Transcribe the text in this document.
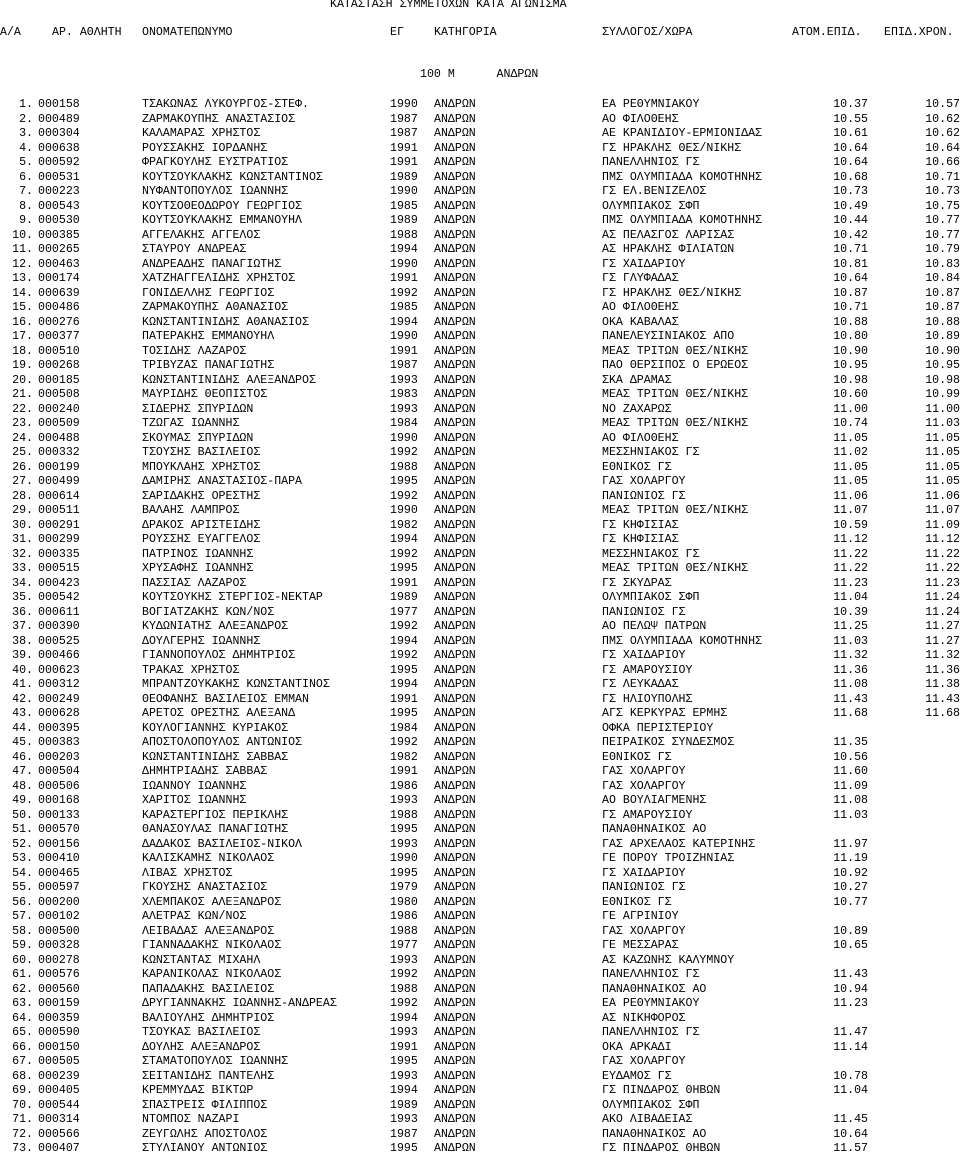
ΚΑΤΑΣΤΑΣΗ ΣΥΜΜΕΤΟΧΩΝ ΚΑΤΑ ΑΓΩΝΙΣΜΑ
Α/Α	ΑΡ. ΑΘΛΗΤΗ ΟΝΟΜΑΤΕΠΩΝΥΜΟ	ΕΓ	ΚΑΤΗΓΟΡΙΑ	ΣΥΛΛΟΓΟΣ/ΧΩΡΑ	ΑΤΟΜ.ΕΠΙΔ. ΕΠΙΔ.ΧΡΟΝ.
100 Μ      ΑΝΔΡΩΝ
1. 000158	ΤΣΑΚΩΝΑΣ ΛΥΚΟΥΡΓΟΣ-ΣΤΕΦ.	1990 ΑΝΔΡΩΝ	ΕΑ ΡΕΘΥΜΝΙΑΚΟΥ	10.37	10.57
2. 000489	ΖΑΡΜΑΚΟΥΠΗΣ ΑΝΑΣΤΑΣΙΟΣ	1987 ΑΝΔΡΩΝ	ΑΟ ΦΙΛΟΘΕΗΣ	10.55	10.62
3. 000304	ΚΑΛΑΜΑΡΑΣ ΧΡΗΣΤΟΣ	1987 ΑΝΔΡΩΝ	ΑΕ ΚΡΑΝΙΔΙΟΥ-ΕΡΜΙΟΝΙΔΑΣ	10.61	10.62
4. 000638	ΡΟΥΣΣΑΚΗΣ ΙΟΡΔΑΝΗΣ	1991 ΑΝΔΡΩΝ	ΓΣ ΗΡΑΚΛΗΣ ΘΕΣ/ΝΙΚΗΣ	10.64	10.64
5. 000592	ΦΡΑΓΚΟΥΛΗΣ ΕΥΣΤΡΑΤΙΟΣ	1991 ΑΝΔΡΩΝ	ΠΑΝΕΛΛΗΝΙΟΣ ΓΣ	10.64	10.66
6. 000531	ΚΟΥΤΣΟΥΚΛΑΚΗΣ ΚΩΝΣΤΑΝΤΙΝΟΣ	1989 ΑΝΔΡΩΝ	ΠΜΣ ΟΛΥΜΠΙΑΔΑ ΚΟΜΟΤΗΝΗΣ	10.68	10.71
7. 000223	ΝΥΦΑΝΤΟΠΟΥΛΟΣ ΙΩΑΝΝΗΣ	1990 ΑΝΔΡΩΝ	ΓΣ ΕΛ.ΒΕΝΙΖΕΛΟΣ	10.73	10.73
8. 000543	ΚΟΥΤΣΟΘΕΟΔΩΡΟΥ ΓΕΩΡΓΙΟΣ	1985 ΑΝΔΡΩΝ	ΟΛΥΜΠΙΑΚΟΣ ΣΦΠ	10.49	10.75
9. 000530	ΚΟΥΤΣΟΥΚΛΑΚΗΣ ΕΜΜΑΝΟΥΗΛ	1989 ΑΝΔΡΩΝ	ΠΜΣ ΟΛΥΜΠΙΑΔΑ ΚΟΜΟΤΗΝΗΣ	10.44	10.77
10. 000385	ΑΓΓΕΛΑΚΗΣ ΑΓΓΕΛΟΣ	1988 ΑΝΔΡΩΝ	ΑΣ ΠΕΛΑΣΓΟΣ ΛΑΡΙΣΑΣ	10.42	10.77
11. 000265	ΣΤΑΥΡΟΥ ΑΝΔΡΕΑΣ	1994 ΑΝΔΡΩΝ	ΑΣ ΗΡΑΚΛΗΣ ΦΙΛΙΑΤΩΝ	10.71	10.79
12. 000463	ΑΝΔΡΕΑΔΗΣ ΠΑΝΑΓΙΩΤΗΣ	1990 ΑΝΔΡΩΝ	ΓΣ ΧΑΙΔΑΡΙΟΥ	10.81	10.83
13. 000174	ΧΑΤΖΗΑΓΓΕΛΙΔΗΣ ΧΡΗΣΤΟΣ	1991 ΑΝΔΡΩΝ	ΓΣ ΓΛΥΦΑΔΑΣ	10.64	10.84
14. 000639	ΓΟΝΙΔΕΛΛΗΣ ΓΕΩΡΓΙΟΣ	1992 ΑΝΔΡΩΝ	ΓΣ ΗΡΑΚΛΗΣ ΘΕΣ/ΝΙΚΗΣ	10.87	10.87
15. 000486	ΖΑΡΜΑΚΟΥΠΗΣ ΑΘΑΝΑΣΙΟΣ	1985 ΑΝΔΡΩΝ	ΑΟ ΦΙΛΟΘΕΗΣ	10.71	10.87
16. 000276	ΚΩΝΣΤΑΝΤΙΝΙΔΗΣ ΑΘΑΝΑΣΙΟΣ	1994 ΑΝΔΡΩΝ	ΟΚΑ ΚΑΒΑΛΑΣ	10.88	10.88
17. 000377	ΠΑΤΕΡΑΚΗΣ ΕΜΜΑΝΟΥΗΛ	1990 ΑΝΔΡΩΝ	ΠΑΝΕΛΕΥΣΙΝΙΑΚΟΣ ΑΠΟ	10.80	10.89
18. 000510	ΤΟΣΙΔΗΣ ΛΑΖΑΡΟΣ	1991 ΑΝΔΡΩΝ	ΜΕΑΣ ΤΡΙΤΩΝ ΘΕΣ/ΝΙΚΗΣ	10.90	10.90
19. 000268	ΤΡΙΒΥΖΑΣ ΠΑΝΑΓΙΩΤΗΣ	1987 ΑΝΔΡΩΝ	ΠΑΟ ΘΕΡΣΙΠΟΣ Ο ΕΡΩΕΟΣ	10.95	10.95
20. 000185	ΚΩΝΣΤΑΝΤΙΝΙΔΗΣ ΑΛΕΞΑΝΔΡΟΣ	1993 ΑΝΔΡΩΝ	ΣΚΑ ΔΡΑΜΑΣ	10.98	10.98
21. 000508	ΜΑΥΡΙΔΗΣ ΘΕΟΠΙΣΤΟΣ	1983 ΑΝΔΡΩΝ	ΜΕΑΣ ΤΡΙΤΩΝ ΘΕΣ/ΝΙΚΗΣ	10.60	10.99
22. 000240	ΣΙΔΕΡΗΣ ΣΠΥΡΙΔΩΝ	1993 ΑΝΔΡΩΝ	ΝΟ ΖΑΧΑΡΩΣ	11.00	11.00
23. 000509	ΤΖΩΓΑΣ ΙΩΑΝΝΗΣ	1984 ΑΝΔΡΩΝ	ΜΕΑΣ ΤΡΙΤΩΝ ΘΕΣ/ΝΙΚΗΣ	10.74	11.03
24. 000488	ΣΚΟΥΜΑΣ ΣΠΥΡΙΔΩΝ	1990 ΑΝΔΡΩΝ	ΑΟ ΦΙΛΟΘΕΗΣ	11.05	11.05
25. 000332	ΤΣΟΥΣΗΣ ΒΑΣΙΛΕΙΟΣ	1992 ΑΝΔΡΩΝ	ΜΕΣΣΗΝΙΑΚΟΣ ΓΣ	11.02	11.05
26. 000199	ΜΠΟΥΚΛΑΗΣ ΧΡΗΣΤΟΣ	1988 ΑΝΔΡΩΝ	ΕΘΝΙΚΟΣ ΓΣ	11.05	11.05
27. 000499	ΔΑΜΙΡΗΣ ΑΝΑΣΤΑΣΙΟΣ-ΠΑΡΑ	1995 ΑΝΔΡΩΝ	ΓΑΣ ΧΟΛΑΡΓΟΥ	11.05	11.05
28. 000614	ΣΑΡΙΔΑΚΗΣ ΟΡΕΣΤΗΣ	1992 ΑΝΔΡΩΝ	ΠΑΝΙΩΝΙΟΣ ΓΣ	11.06	11.06
29. 000511	ΒΑΛΑΗΣ ΛΑΜΠΡΟΣ	1990 ΑΝΔΡΩΝ	ΜΕΑΣ ΤΡΙΤΩΝ ΘΕΣ/ΝΙΚΗΣ	11.07	11.07
30. 000291	ΔΡΑΚΟΣ ΑΡΙΣΤΕΙΔΗΣ	1982 ΑΝΔΡΩΝ	ΓΣ ΚΗΦΙΣΙΑΣ	10.59	11.09
31. 000299	ΡΟΥΣΣΗΣ ΕΥΑΓΓΕΛΟΣ	1994 ΑΝΔΡΩΝ	ΓΣ ΚΗΦΙΣΙΑΣ	11.12	11.12
32. 000335	ΠΑΤΡΙΝΟΣ ΙΩΑΝΝΗΣ	1992 ΑΝΔΡΩΝ	ΜΕΣΣΗΝΙΑΚΟΣ ΓΣ	11.22	11.22
33. 000515	ΧΡΥΣΑΦΗΣ ΙΩΑΝΝΗΣ	1995 ΑΝΔΡΩΝ	ΜΕΑΣ ΤΡΙΤΩΝ ΘΕΣ/ΝΙΚΗΣ	11.22	11.22
34. 000423	ΠΑΣΣΙΑΣ ΛΑΖΑΡΟΣ	1991 ΑΝΔΡΩΝ	ΓΣ ΣΚΥΔΡΑΣ	11.23	11.23
35. 000542	ΚΟΥΤΣΟΥΚΗΣ ΣΤΕΡΓΙΟΣ-ΝΕΚΤΑΡ	1989 ΑΝΔΡΩΝ	ΟΛΥΜΠΙΑΚΟΣ ΣΦΠ	11.04	11.24
36. 000611	ΒΟΓΙΑΤΖΑΚΗΣ ΚΩΝ/ΝΟΣ	1977 ΑΝΔΡΩΝ	ΠΑΝΙΩΝΙΟΣ ΓΣ	10.39	11.24
37. 000390	ΚΥΔΩΝΙΑΤΗΣ ΑΛΕΞΑΝΔΡΟΣ	1992 ΑΝΔΡΩΝ	ΑΟ ΠΕΛΩΨ ΠΑΤΡΩΝ	11.25	11.27
38. 000525	ΔΟΥΛΓΕΡΗΣ ΙΩΑΝΝΗΣ	1994 ΑΝΔΡΩΝ	ΠΜΣ ΟΛΥΜΠΙΑΔΑ ΚΟΜΟΤΗΝΗΣ	11.03	11.27
39. 000466	ΓΙΑΝΝΟΠΟΥΛΟΣ ΔΗΜΗΤΡΙΟΣ	1992 ΑΝΔΡΩΝ	ΓΣ ΧΑΙΔΑΡΙΟΥ	11.32	11.32
40. 000623	ΤΡΑΚΑΣ ΧΡΗΣΤΟΣ	1995 ΑΝΔΡΩΝ	ΓΣ ΑΜΑΡΟΥΣΙΟΥ	11.36	11.36
41. 000312	ΜΠΡΑΝΤΖΟΥΚΑΚΗΣ ΚΩΝΣΤΑΝΤΙΝΟΣ	1994 ΑΝΔΡΩΝ	ΓΣ ΛΕΥΚΑΔΑΣ	11.08	11.38
42. 000249	ΘΕΟΦΑΝΗΣ ΒΑΣΙΛΕΙΟΣ ΕΜΜΑΝ	1991 ΑΝΔΡΩΝ	ΓΣ ΗΛΙΟΥΠΟΛΗΣ	11.43	11.43
43. 000628	ΑΡΕΤΟΣ ΟΡΕΣΤΗΣ ΑΛΕΞΑΝΔ	1995 ΑΝΔΡΩΝ	ΑΓΣ ΚΕΡΚΥΡΑΣ ΕΡΜΗΣ	11.68	11.68
44. 000395	ΚΟΥΛΟΓΙΑΝΝΗΣ ΚΥΡΙΑΚΟΣ	1984 ΑΝΔΡΩΝ	ΟΦΚΑ ΠΕΡΙΣΤΕΡΙΟΥ
45. 000383	ΑΠΟΣΤΟΛΟΠΟΥΛΟΣ ΑΝΤΩΝΙΟΣ	1992 ΑΝΔΡΩΝ	ΠΕΙΡΑΙΚΟΣ ΣΥΝΔΕΣΜΟΣ	11.35
46. 000203	ΚΩΝΣΤΑΝΤΙΝΙΔΗΣ ΣΑΒΒΑΣ	1982 ΑΝΔΡΩΝ	ΕΘΝΙΚΟΣ ΓΣ	10.56
47. 000504	ΔΗΜΗΤΡΙΑΔΗΣ ΣΑΒΒΑΣ	1991 ΑΝΔΡΩΝ	ΓΑΣ ΧΟΛΑΡΓΟΥ	11.60
48. 000506	ΙΩΑΝΝΟΥ ΙΩΑΝΝΗΣ	1986 ΑΝΔΡΩΝ	ΓΑΣ ΧΟΛΑΡΓΟΥ	11.09
49. 000168	ΧΑΡΙΤΟΣ ΙΩΑΝΝΗΣ	1993 ΑΝΔΡΩΝ	ΑΟ ΒΟΥΛΙΑΓΜΕΝΗΣ	11.08
50. 000133	ΚΑΡΑΣΤΕΡΓΙΟΣ ΠΕΡΙΚΛΗΣ	1988 ΑΝΔΡΩΝ	ΓΣ ΑΜΑΡΟΥΣΙΟΥ	11.03
51. 000570	ΘΑΝΑΣΟΥΛΑΣ ΠΑΝΑΓΙΩΤΗΣ	1995 ΑΝΔΡΩΝ	ΠΑΝΑΘΗΝΑΙΚΟΣ ΑΟ
52. 000156	ΔΑΔΑΚΟΣ ΒΑΣΙΛΕΙΟΣ-ΝΙΚΟΛ	1993 ΑΝΔΡΩΝ	ΓΑΣ ΑΡΧΕΛΑΟΣ ΚΑΤΕΡΙΝΗΣ	11.97
53. 000410	ΚΑΛΙΣΚΑΜΗΣ ΝΙΚΟΛΑΟΣ	1990 ΑΝΔΡΩΝ	ΓΕ ΠΟΡΟΥ ΤΡΟΙΖΗΝΙΑΣ	11.19
54. 000465	ΛΙΒΑΣ ΧΡΗΣΤΟΣ	1995 ΑΝΔΡΩΝ	ΓΣ ΧΑΙΔΑΡΙΟΥ	10.92
55. 000597	ΓΚΟΥΣΗΣ ΑΝΑΣΤΑΣΙΟΣ	1979 ΑΝΔΡΩΝ	ΠΑΝΙΩΝΙΟΣ ΓΣ	10.27
56. 000200	ΧΛΕΜΠΑΚΟΣ ΑΛΕΞΑΝΔΡΟΣ	1980 ΑΝΔΡΩΝ	ΕΘΝΙΚΟΣ ΓΣ	10.77
57. 000102	ΑΛΕΤΡΑΣ ΚΩΝ/ΝΟΣ	1986 ΑΝΔΡΩΝ	ΓΕ ΑΓΡΙΝΙΟΥ
58. 000500	ΛΕΙΒΑΔΑΣ ΑΛΕΞΑΝΔΡΟΣ	1988 ΑΝΔΡΩΝ	ΓΑΣ ΧΟΛΑΡΓΟΥ	10.89
59. 000328	ΓΙΑΝΝΑΔΑΚΗΣ ΝΙΚΟΛΑΟΣ	1977 ΑΝΔΡΩΝ	ΓΕ ΜΕΣΣΑΡΑΣ	10.65
60. 000278	ΚΩΝΣΤΑΝΤΑΣ ΜΙΧΑΗΛ	1993 ΑΝΔΡΩΝ	ΑΣ ΚΑΖΩΝΗΣ ΚΑΛΥΜΝΟΥ
61. 000576	ΚΑΡΑΝΙΚΟΛΑΣ ΝΙΚΟΛΑΟΣ	1992 ΑΝΔΡΩΝ	ΠΑΝΕΛΛΗΝΙΟΣ ΓΣ	11.43
62. 000560	ΠΑΠΑΔΑΚΗΣ ΒΑΣΙΛΕΙΟΣ	1988 ΑΝΔΡΩΝ	ΠΑΝΑΘΗΝΑΙΚΟΣ ΑΟ	10.94
63. 000159	ΔΡΥΓΙΑΝΝΑΚΗΣ ΙΩΑΝΝΗΣ-ΑΝΔΡΕΑΣ	1992 ΑΝΔΡΩΝ	ΕΑ ΡΕΘΥΜΝΙΑΚΟΥ	11.23
64. 000359	ΒΑΛΙΟΥΛΗΣ ΔΗΜΗΤΡΙΟΣ	1994 ΑΝΔΡΩΝ	ΑΣ ΝΙΚΗΦΟΡΟΣ
65. 000590	ΤΣΟΥΚΑΣ ΒΑΣΙΛΕΙΟΣ	1993 ΑΝΔΡΩΝ	ΠΑΝΕΛΛΗΝΙΟΣ ΓΣ	11.47
66. 000150	ΔΟΥΛΗΣ ΑΛΕΞΑΝΔΡΟΣ	1991 ΑΝΔΡΩΝ	ΟΚΑ ΑΡΚΑΔΙ	11.14
67. 000505	ΣΤΑΜΑΤΟΠΟΥΛΟΣ ΙΩΑΝΝΗΣ	1995 ΑΝΔΡΩΝ	ΓΑΣ ΧΟΛΑΡΓΟΥ
68. 000239	ΣΕΙΤΑΝΙΔΗΣ ΠΑΝΤΕΛΗΣ	1993 ΑΝΔΡΩΝ	ΕΥΔΑΜΟΣ ΓΣ	10.78
69. 000405	ΚΡΕΜΜΥΔΑΣ ΒΙΚΤΩΡ	1994 ΑΝΔΡΩΝ	ΓΣ ΠΙΝΔΑΡΟΣ ΘΗΒΩΝ	11.04
70. 000544	ΣΠΑΣΤΡΕΙΣ ΦΙΛΙΠΠΟΣ	1989 ΑΝΔΡΩΝ	ΟΛΥΜΠΙΑΚΟΣ ΣΦΠ
71. 000314	ΝΤΟΜΠΟΣ ΝΑΖΑΡΙ	1993 ΑΝΔΡΩΝ	ΑΚΟ ΛΙΒΑΔΕΙΑΣ	11.45
72. 000566	ΖΕΥΓΩΛΗΣ ΑΠΟΣΤΟΛΟΣ	1987 ΑΝΔΡΩΝ	ΠΑΝΑΘΗΝΑΙΚΟΣ ΑΟ	10.64
73. 000407	ΣΤΥΛΙΑΝΟΥ ΑΝΤΩΝΙΟΣ	1995 ΑΝΔΡΩΝ	ΓΣ ΠΙΝΔΑΡΟΣ ΘΗΒΩΝ	11.57
